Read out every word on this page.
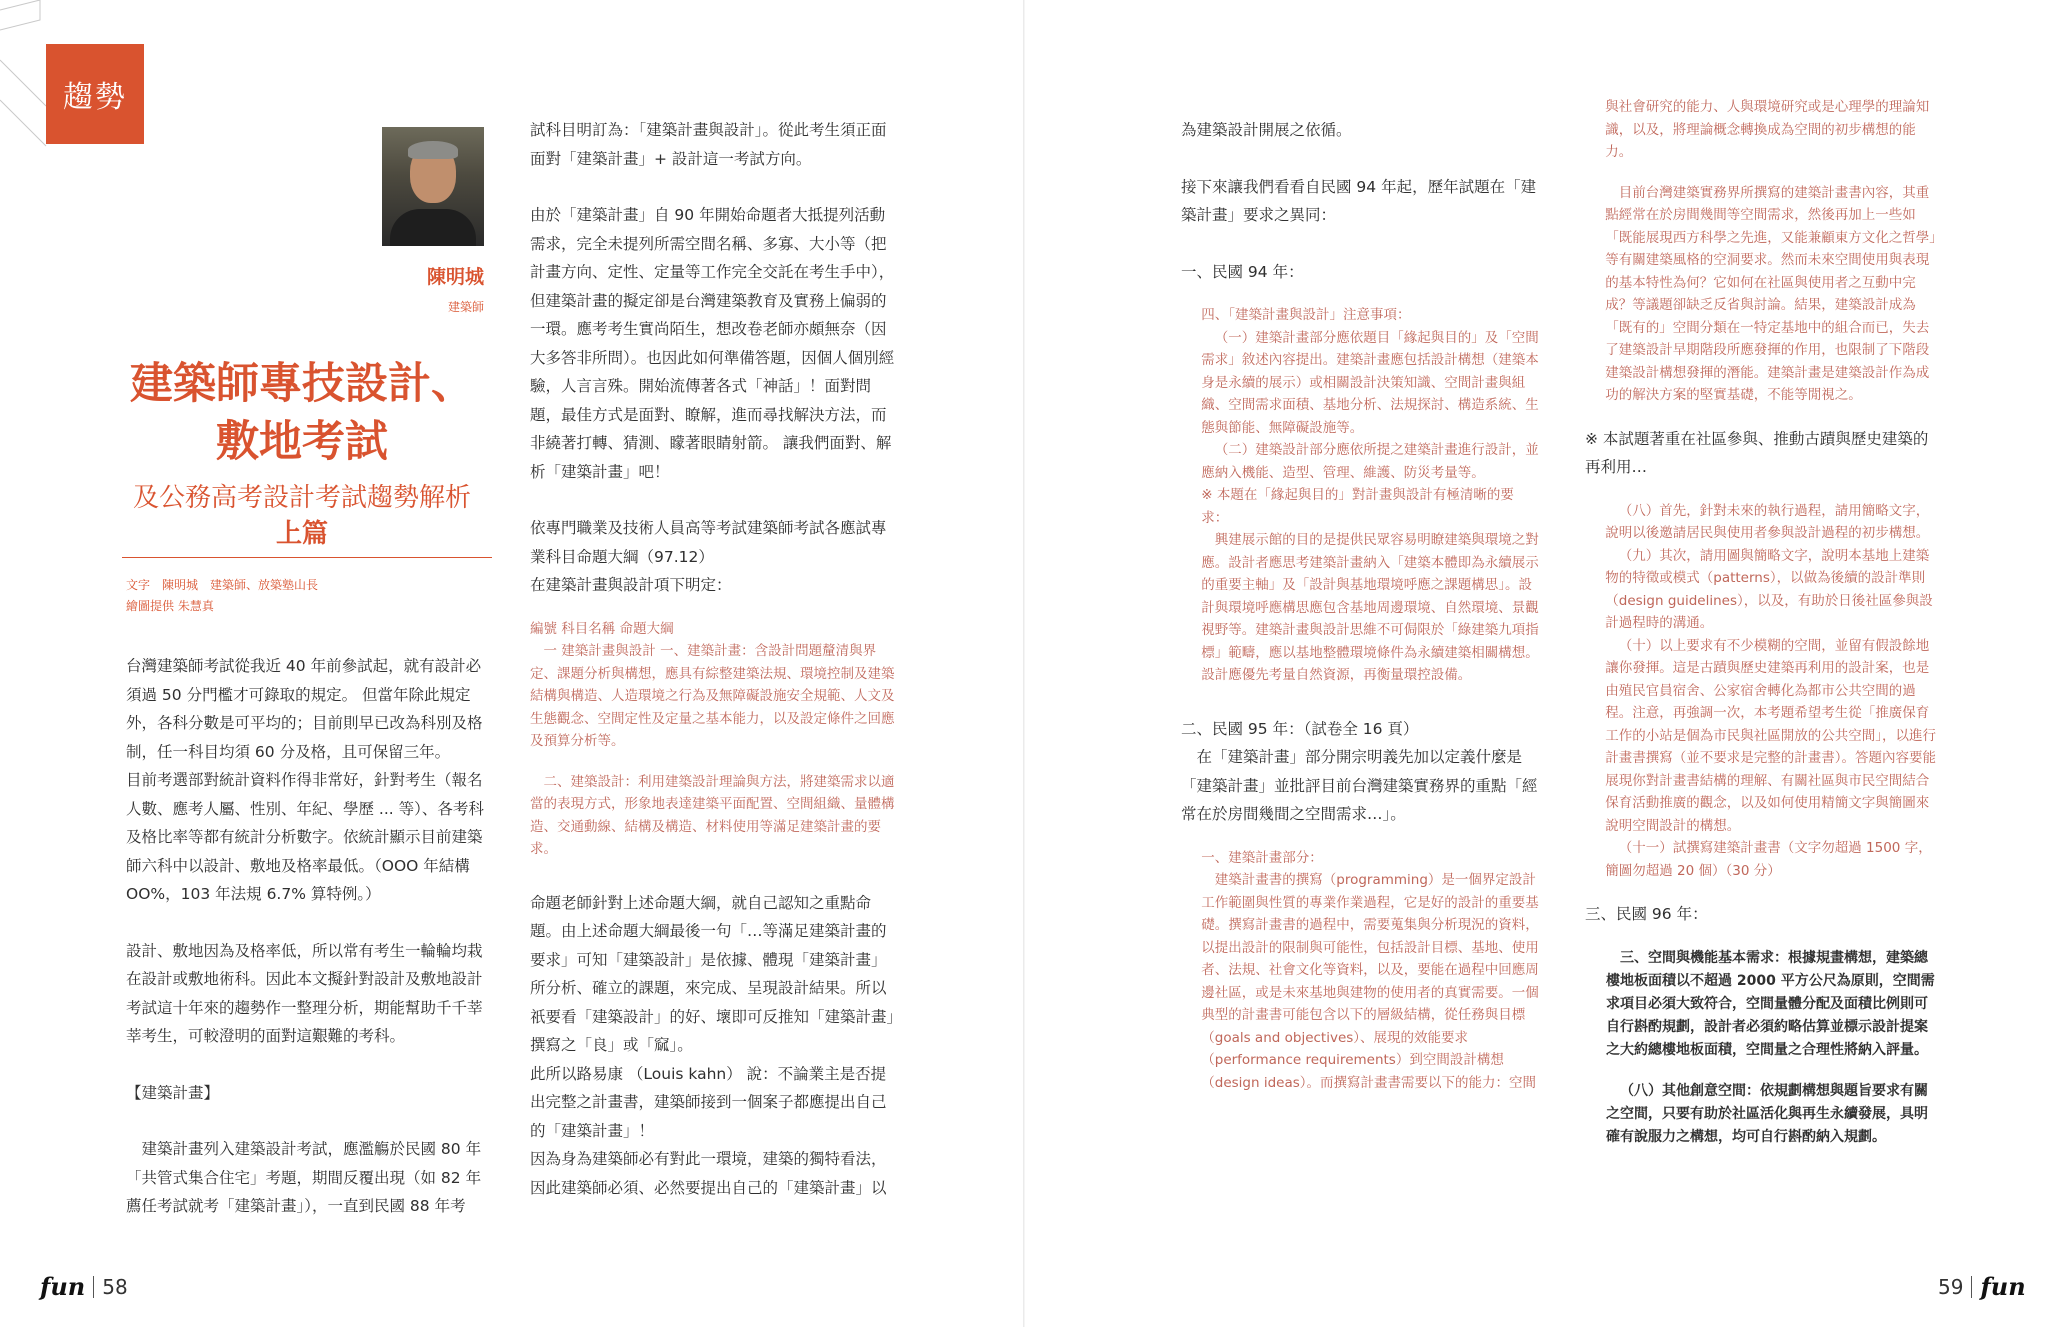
趨勢
陳明城
建築師
建築師專技設計、
敷地考試
及公務高考設計考試趨勢解析
上篇
文字　陳明城　建築師、放築塾山長
繪圖提供 朱慧真

台灣建築師考試從我近 40 年前參試起，就有設計必須過 50 分門檻才可錄取的規定。 但當年除此規定外，各科分數是可平均的；目前則早已改為科別及格制，任一科目均須 60 分及格，且可保留三年。

目前考選部對統計資料作得非常好，針對考生（報名人數、應考人屬、性別、年紀、學歷 ... 等）、各考科及格比率等都有統計分析數字。依統計顯示目前建築師六科中以設計、敷地及格率最低。（OOO 年結構 OO%，103 年法規 6.7% 算特例。）

設計、敷地因為及格率低，所以常有考生一輪輪均栽在設計或敷地術科。因此本文擬針對設計及敷地設計考試這十年來的趨勢作一整理分析，期能幫助千千莘莘考生，可較澄明的面對這艱難的考科。

【建築計畫】

建築計畫列入建築設計考試，應濫觴於民國 80 年「共管式集合住宅」考題，期間反覆出現（如 82 年薦任考試就考「建築計畫」），一直到民國 88 年考

試科目明訂為：「建築計畫與設計」。從此考生須正面面對「建築計畫」+ 設計這一考試方向。

由於「建築計畫」自 90 年開始命題者大抵提列活動需求，完全未提列所需空間名稱、多寡、大小等（把計畫方向、定性、定量等工作完全交託在考生手中），但建築計畫的擬定卻是台灣建築教育及實務上偏弱的一環。應考考生實尚陌生，想改卷老師亦頗無奈（因大多答非所問）。也因此如何準備答題，因個人個別經驗，人言言殊。開始流傳著各式「神話」！面對問題，最佳方式是面對、瞭解，進而尋找解決方法，而非繞著打轉、猜測、矇著眼睛射箭。 讓我們面對、解析「建築計畫」吧！

依專門職業及技術人員高等考試建築師考試各應試專業科目命題大綱（97.12）

在建築計畫與設計項下明定：

編號 科目名稱 命題大綱

一 建築計畫與設計 一、建築計畫：含設計問題釐清與界定、課題分析與構想，應具有綜整建築法規、環境控制及建築結構與構造、人造環境之行為及無障礙設施安全規範、人文及生態觀念、空間定性及定量之基本能力，以及設定條件之回應及預算分析等。

二、建築設計：利用建築設計理論與方法，將建築需求以適當的表現方式，形象地表達建築平面配置、空間組織、量體構造、交通動線、結構及構造、材料使用等滿足建築計畫的要求。

命題老師針對上述命題大綱，就自己認知之重點命題。由上述命題大綱最後一句「…等滿足建築計畫的要求」可知「建築設計」是依據、體現「建築計畫」所分析、確立的課題，來完成、呈現設計結果。所以祇要看「建築設計」的好、壞即可反推知「建築計畫」撰寫之「良」或「窳」。

此所以路易康 （Louis kahn） 說：不論業主是否提出完整之計畫書，建築師接到一個案子都應提出自己的「建築計畫」！

因為身為建築師必有對此一環境，建築的獨特看法，因此建築師必須、必然要提出自己的「建築計畫」以

為建築設計開展之依循。

接下來讓我們看看自民國 94 年起，歷年試題在「建築計畫」要求之異同：

一、民國 94 年：

四、「建築計畫與設計」注意事項：

（一）建築計畫部分應依題目「緣起與目的」及「空間需求」敘述內容提出。建築計畫應包括設計構想（建築本身是永續的展示）或相關設計決策知識、空間計畫與組織、空間需求面積、基地分析、法規探討、構造系統、生態與節能、無障礙設施等。

（二）建築設計部分應依所提之建築計畫進行設計，並應納入機能、造型、管理、維護、防災考量等。

※ 本題在「緣起與目的」對計畫與設計有極清晰的要求：

興建展示館的目的是提供民眾容易明瞭建築與環境之對應。設計者應思考建築計畫納入「建築本體即為永續展示的重要主軸」及「設計與基地環境呼應之課題構思」。設計與環境呼應構思應包含基地周邊環境、自然環境、景觀視野等。建築計畫與設計思維不可侷限於「綠建築九項指標」範疇，應以基地整體環境條件為永續建築相關構想。設計應優先考量自然資源，再衡量環控設備。

二、民國 95 年：（試卷全 16 頁）

在「建築計畫」部分開宗明義先加以定義什麼是「建築計畫」並批評目前台灣建築實務界的重點「經常在於房間幾間之空間需求…」。

一、建築計畫部分：

建築計畫書的撰寫（programming）是一個界定設計工作範圍與性質的專業作業過程，它是好的設計的重要基礎。撰寫計畫書的過程中，需要蒐集與分析現況的資料，以提出設計的限制與可能性，包括設計目標、基地、使用者、法規、社會文化等資料，以及，要能在過程中回應周邊社區，或是未來基地與建物的使用者的真實需要。一個典型的計畫書可能包含以下的層級結構，從任務與目標（goals and objectives）、展現的效能要求（performance requirements）到空間設計構想（design ideas）。而撰寫計畫書需要以下的能力：空間

與社會研究的能力、人與環境研究或是心理學的理論知識，以及，將理論概念轉換成為空間的初步構想的能力。

目前台灣建築實務界所撰寫的建築計畫書內容，其重點經常在於房間幾間等空間需求，然後再加上一些如「既能展現西方科學之先進，又能兼顧東方文化之哲學」等有關建築風格的空洞要求。然而未來空間使用與表現的基本特性為何？它如何在社區與使用者之互動中完成？等議題卻缺乏反省與討論。結果，建築設計成為「既有的」空間分類在一特定基地中的組合而已，失去了建築設計早期階段所應發揮的作用，也限制了下階段建築設計構想發揮的潛能。建築計畫是建築設計作為成功的解決方案的堅實基礎，不能等閒視之。

※ 本試題著重在社區參與、推動古蹟與歷史建築的再利用…

（八）首先，針對未來的執行過程，請用簡略文字，說明以後邀請居民與使用者參與設計過程的初步構想。

（九）其次，請用圖與簡略文字，說明本基地上建築物的特徵或模式（patterns），以做為後續的設計準則（design guidelines），以及，有助於日後社區參與設計過程時的溝通。

（十）以上要求有不少模糊的空間，並留有假設餘地讓你發揮。這是古蹟與歷史建築再利用的設計案，也是由殖民官員宿舍、公家宿舍轉化為都市公共空間的過程。注意，再強調一次，本考題希望考生從「推廣保育工作的小站是個為市民與社區開放的公共空間」，以進行計畫書撰寫（並不要求是完整的計畫書）。答題內容要能展現你對計畫書結構的理解、有關社區與市民空間結合保育活動推廣的觀念，以及如何使用精簡文字與簡圖來說明空間設計的構想。

（十一）試撰寫建築計畫書（文字勿超過 1500 字，簡圖勿超過 20 個）（30 分）

三、民國 96 年：

三、空間與機能基本需求：根據規畫構想，建築總樓地板面積以不超過 2000 平方公尺為原則，空間需求項目必須大致符合，空間量體分配及面積比例則可自行斟酌規劃，設計者必須約略估算並標示設計提案之大約總樓地板面積，空間量之合理性將納入評量。

（八）其他創意空間：依規劃構想與題旨要求有關之空間，只要有助於社區活化與再生永續發展，具明確有說服力之構想，均可自行斟酌納入規劃。

fun 58	59 fun
